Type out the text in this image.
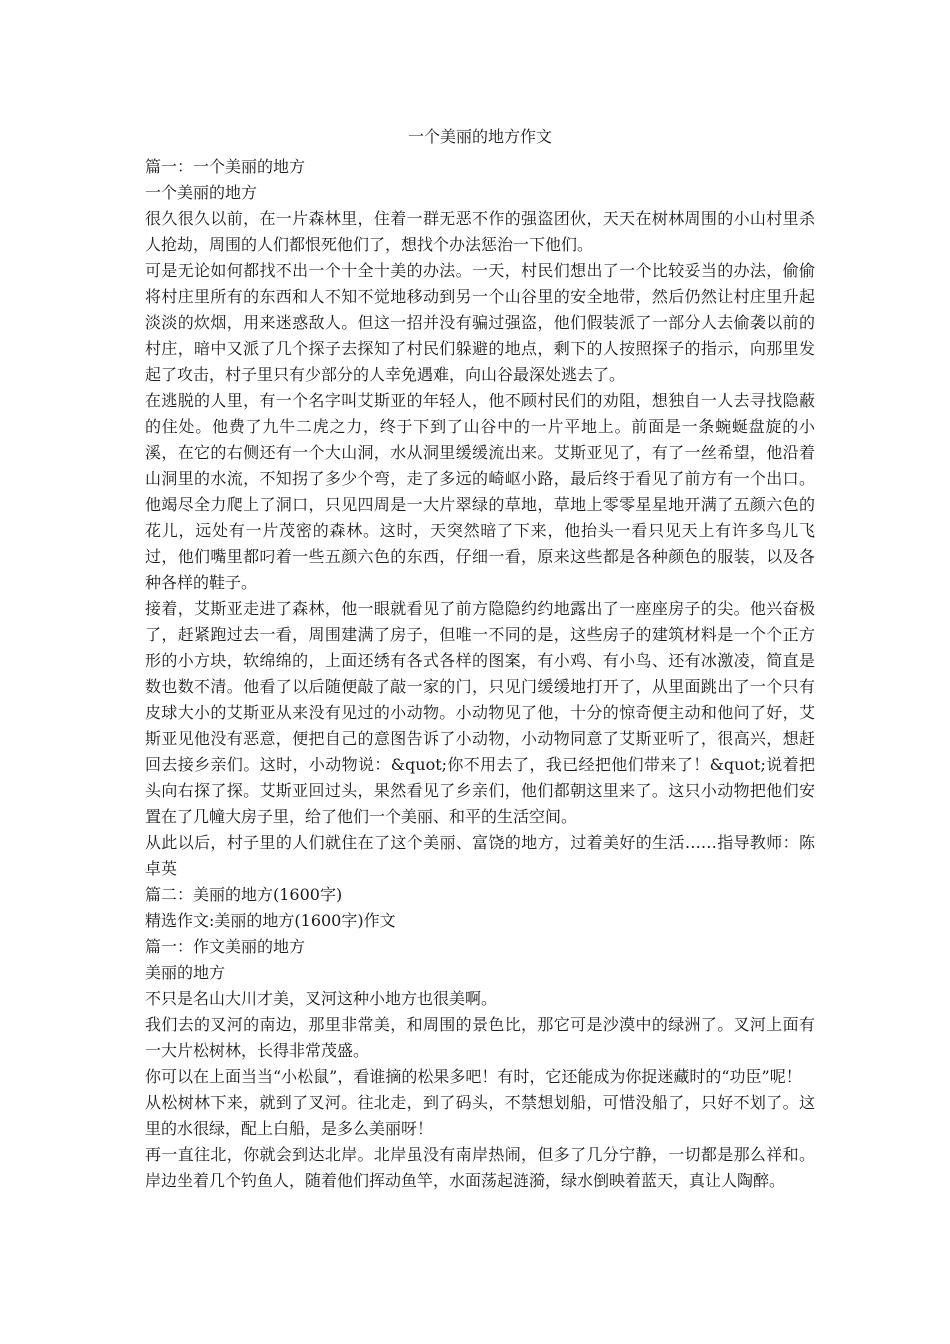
一个美丽的地方作文

篇一：一个美丽的地方

一个美丽的地方

很久很久以前，在一片森林里，住着一群无恶不作的强盗团伙，天天在树林周围的小山村里杀人抢劫，周围的人们都恨死他们了，想找个办法惩治一下他们。

可是无论如何都找不出一个十全十美的办法。一天，村民们想出了一个比较妥当的办法，偷偷将村庄里所有的东西和人不知不觉地移动到另一个山谷里的安全地带，然后仍然让村庄里升起淡淡的炊烟，用来迷惑敌人。但这一招并没有骗过强盗，他们假装派了一部分人去偷袭以前的村庄，暗中又派了几个探子去探知了村民们躲避的地点，剩下的人按照探子的指示，向那里发起了攻击，村子里只有少部分的人幸免遇难，向山谷最深处逃去了。

在逃脱的人里，有一个名字叫艾斯亚的年轻人，他不顾村民们的劝阻，想独自一人去寻找隐蔽的住处。他费了九牛二虎之力，终于下到了山谷中的一片平地上。前面是一条蜿蜒盘旋的小溪，在它的右侧还有一个大山洞，水从洞里缓缓流出来。艾斯亚见了，有了一丝希望，他沿着山洞里的水流，不知拐了多少个弯，走了多远的崎岖小路，最后终于看见了前方有一个出口。他竭尽全力爬上了洞口，只见四周是一大片翠绿的草地，草地上零零星星地开满了五颜六色的花儿，远处有一片茂密的森林。这时，天突然暗了下来，他抬头一看只见天上有许多鸟儿飞过，他们嘴里都叼着一些五颜六色的东西，仔细一看，原来这些都是各种颜色的服装，以及各种各样的鞋子。

接着，艾斯亚走进了森林，他一眼就看见了前方隐隐约约地露出了一座座房子的尖。他兴奋极了，赶紧跑过去一看，周围建满了房子，但唯一不同的是，这些房子的建筑材料是一个个正方形的小方块，软绵绵的，上面还绣有各式各样的图案，有小鸡、有小鸟、还有冰激凌，简直是数也数不清。他看了以后随便敲了敲一家的门，只见门缓缓地打开了，从里面跳出了一个只有皮球大小的艾斯亚从来没有见过的小动物。小动物见了他，十分的惊奇便主动和他问了好，艾斯亚见他没有恶意，便把自己的意图告诉了小动物，小动物同意了艾斯亚听了，很高兴，想赶回去接乡亲们。这时，小动物说：&quot;你不用去了，我已经把他们带来了！&quot;说着把头向右探了探。艾斯亚回过头，果然看见了乡亲们，他们都朝这里来了。这只小动物把他们安置在了几幢大房子里，给了他们一个美丽、和平的生活空间。

从此以后，村子里的人们就住在了这个美丽、富饶的地方，过着美好的生活……指导教师：陈卓英

篇二：美丽的地方(1600字)

精选作文:美丽的地方(1600字)作文

篇一：作文美丽的地方

美丽的地方

不只是名山大川才美，叉河这种小地方也很美啊。

我们去的叉河的南边，那里非常美，和周围的景色比，那它可是沙漠中的绿洲了。叉河上面有一大片松树林，长得非常茂盛。

你可以在上面当当“小松鼠”，看谁摘的松果多吧！有时，它还能成为你捉迷藏时的“功臣”呢！

从松树林下来，就到了叉河。往北走，到了码头，不禁想划船，可惜没船了，只好不划了。这里的水很绿，配上白船，是多么美丽呀！

再一直往北，你就会到达北岸。北岸虽没有南岸热闹，但多了几分宁静，一切都是那么祥和。岸边坐着几个钓鱼人，随着他们挥动鱼竿，水面荡起涟漪，绿水倒映着蓝天，真让人陶醉。
